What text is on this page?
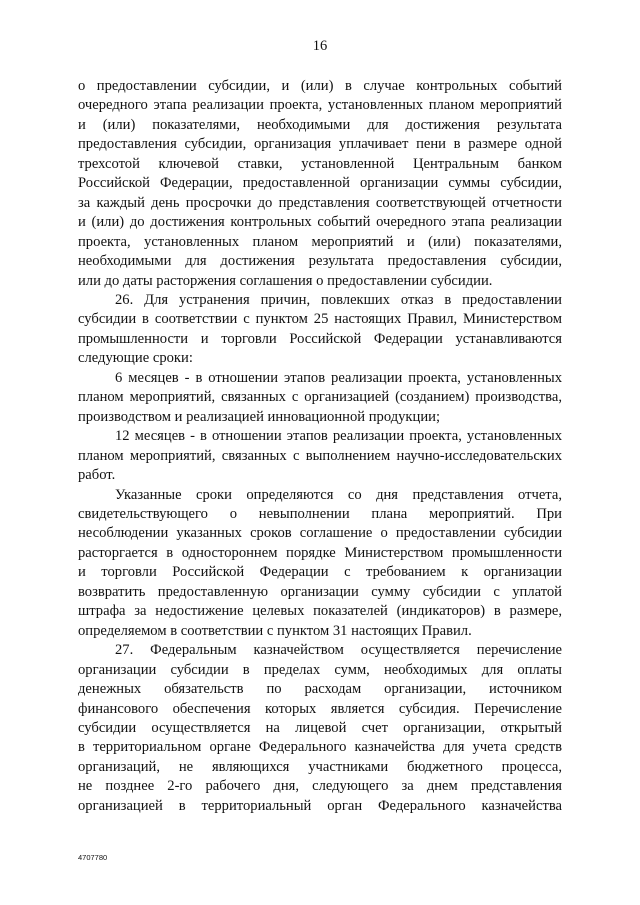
16

о предоставлении субсидии, и (или) в случае контрольных событий
очередного этапа реализации проекта, установленных планом мероприятий
и (или) показателями, необходимыми для достижения результата
предоставления субсидии, организация уплачивает пени в размере одной
трехсотой ключевой ставки, установленной Центральным банком
Российской Федерации, предоставленной организации суммы субсидии,
за каждый день просрочки до представления соответствующей отчетности
и (или) до достижения контрольных событий очередного этапа реализации
проекта, установленных планом мероприятий и (или) показателями,
необходимыми для достижения результата предоставления субсидии,
или до даты расторжения соглашения о предоставлении субсидии.

26. Для устранения причин, повлекших отказ в предоставлении
субсидии в соответствии с пунктом 25 настоящих Правил, Министерством
промышленности и торговли Российской Федерации устанавливаются
следующие сроки:

6 месяцев - в отношении этапов реализации проекта, установленных
планом мероприятий, связанных с организацией (созданием) производства,
производством и реализацией инновационной продукции;

12 месяцев - в отношении этапов реализации проекта, установленных
планом мероприятий, связанных с выполнением научно-исследовательских
работ.

Указанные сроки определяются со дня представления отчета,
свидетельствующего о невыполнении плана мероприятий. При
несоблюдении указанных сроков соглашение о предоставлении субсидии
расторгается в одностороннем порядке Министерством промышленности
и торговли Российской Федерации с требованием к организации
возвратить предоставленную организации сумму субсидии с уплатой
штрафа за недостижение целевых показателей (индикаторов) в размере,
определяемом в соответствии с пунктом 31 настоящих Правил.

27. Федеральным казначейством осуществляется перечисление
организации субсидии в пределах сумм, необходимых для оплаты
денежных обязательств по расходам организации, источником
финансового обеспечения которых является субсидия. Перечисление
субсидии осуществляется на лицевой счет организации, открытый
в территориальном органе Федерального казначейства для учета средств
организаций, не являющихся участниками бюджетного процесса,
не позднее 2-го рабочего дня, следующего за днем представления
организацией в территориальный орган Федерального казначейства

4707780
